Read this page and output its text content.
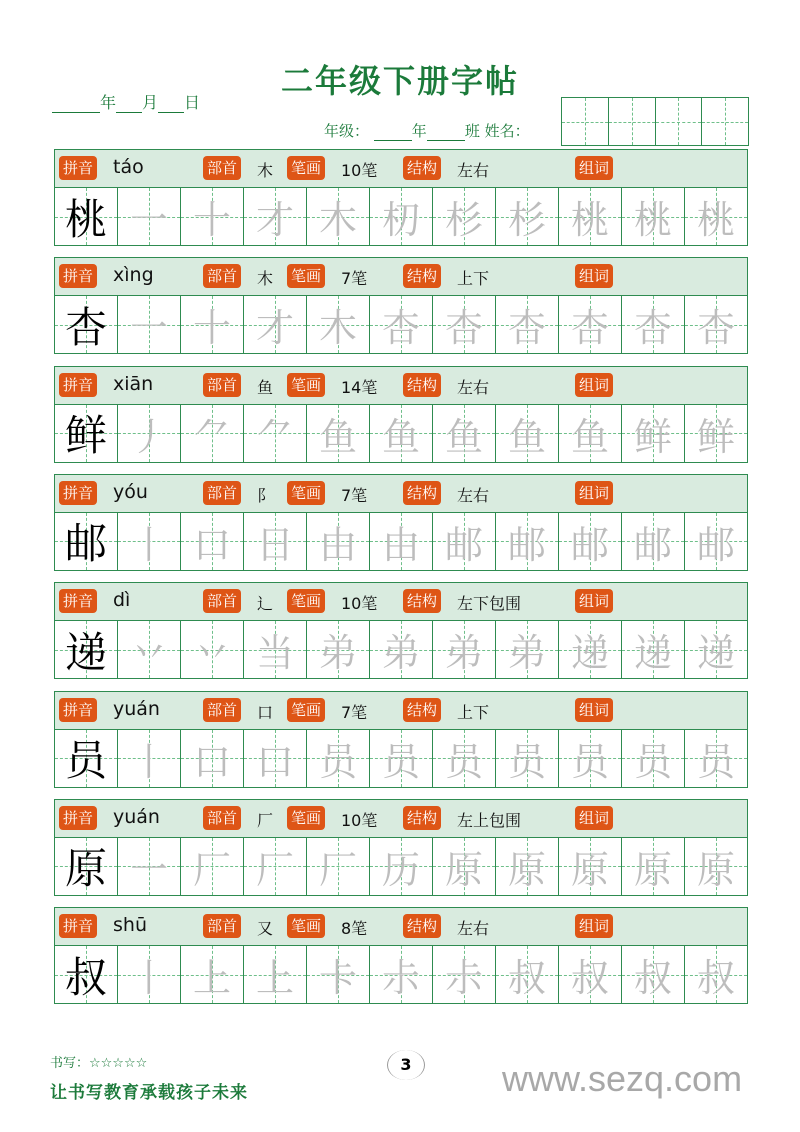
二年级下册字帖
年 月 日
年级：	年	班 姓名：
拼音 táo	部首 木 笔画 10笔 结构 左右	组词
桃 一 十 才 木 朷 杉 杉 桃 桃 桃
拼音 xìng	部首 木 笔画 7笔	结构 上下	组词
杏 一 十 才 木 杏 杏 杏 杏 杏 杏
拼音 xiān	部首 鱼 笔画 14笔 结构 左右	组词
鲜 丿 ⺈ ⺈ 鱼 鱼 鱼 鱼 鱼 鲜 鲜
拼音 yóu	部首 阝 笔画 7笔	结构 左右	组词
邮 丨 口 日 由 由 邮 邮 邮 邮 邮
拼音 dì	部首 辶 笔画 10笔 结构 左下包围	组词
递 丷 丷 当 弟 弟 弟 弟 递 递 递
拼音 yuán	部首 口 笔画 7笔	结构 上下	组词
员 丨 口 口 员 员 员 员 员 员 员
拼音 yuán	部首 厂 笔画 10笔 结构 左上包围	组词
原 一 厂 厂 厂 历 原 原 原 原 原
拼音 shū	部首 又 笔画 8笔	结构 左右	组词
叔 丨 上 上 卡 尗 尗 叔 叔 叔 叔
书写：☆☆☆☆☆
让书写教育承载孩子未来
3	www.sezq.com
